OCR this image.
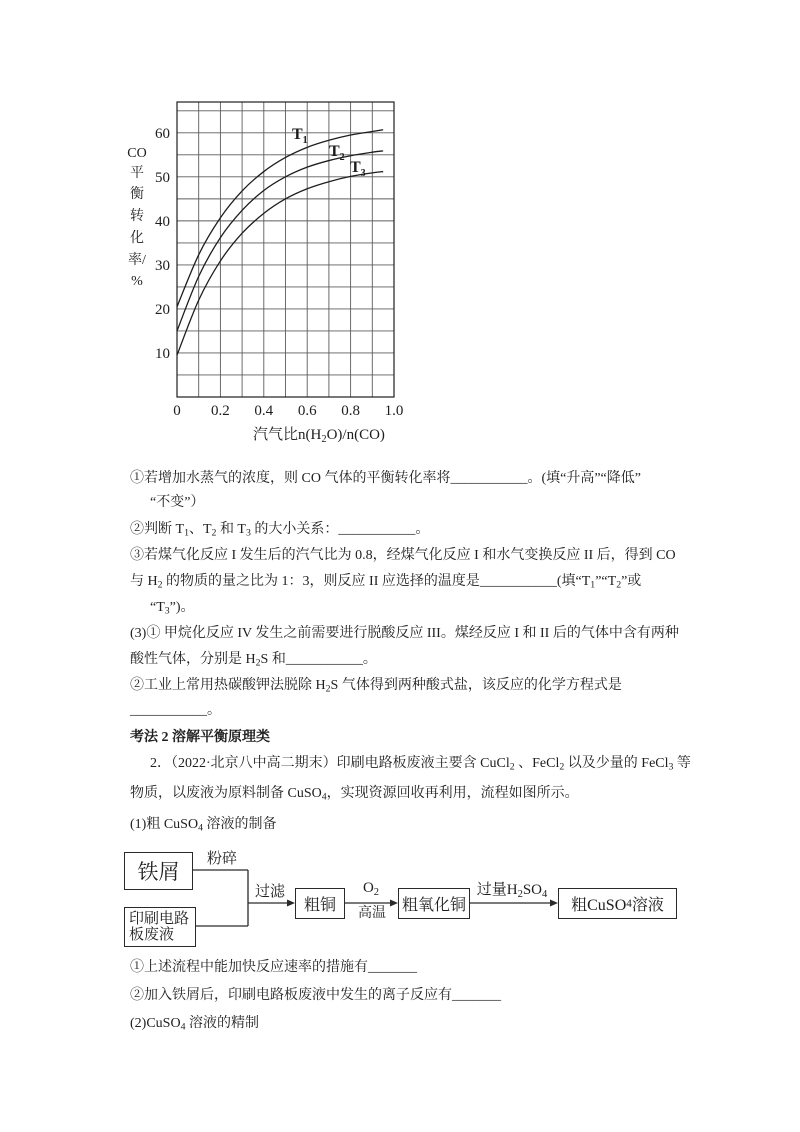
0 0.2 0.4 0.6 0.8 1.0
10
20
30
40
50
60
CO
平
衡
转
化
率/
%
$T_1$
$T_2$
$T_3$
汽气比$n(H_2O)/n(CO)$
①若增加水蒸气的浓度，则 CO 气体的平衡转化率将___________。(填“升高”“降低”
“不变”）
②判断 $T_1$、$T_2$ 和 $T_3$ 的大小关系：___________。
③若煤气化反应 I 发生后的汽气比为 0.8，经煤气化反应 I 和水气变换反应 II 后，得到 CO
与 $H_2$ 的物质的量之比为 1：3，则反应 II 应选择的温度是___________(填“$T_1”“T_2$”或
“$T_3$”)。
(3)① 甲烷化反应 IV 发生之前需要进行脱酸反应 III。煤经反应 I 和 II 后的气体中含有两种
酸性气体，分别是 $H_2S$ 和___________。
②工业上常用热碳酸钾法脱除 $H_2S$ 气体得到两种酸式盐，该反应的化学方程式是
___________。
考法 2 溶解平衡原理类
2．（2022·北京八中高二期末）印刷电路板废液主要含 CuCl$_2$ 、FeCl$_2$ 以及少量的 FeCl$_3$ 等
物质，以废液为原料制备 CuSO$_4$，实现资源回收再利用，流程如图所示。
(1)粗 CuSO$_4$ 溶液的制备
铁屑
印刷电路
板废液
粗铜	粗氧化铜	粗CuSO 4 溶液
粉碎
过滤	$O_2$
高温
过量$H_2SO_4$
①上述流程中能加快反应速率的措施有_______
②加入铁屑后，印刷电路板废液中发生的离子反应有_______
(2)CuSO$_4$ 溶液的精制
